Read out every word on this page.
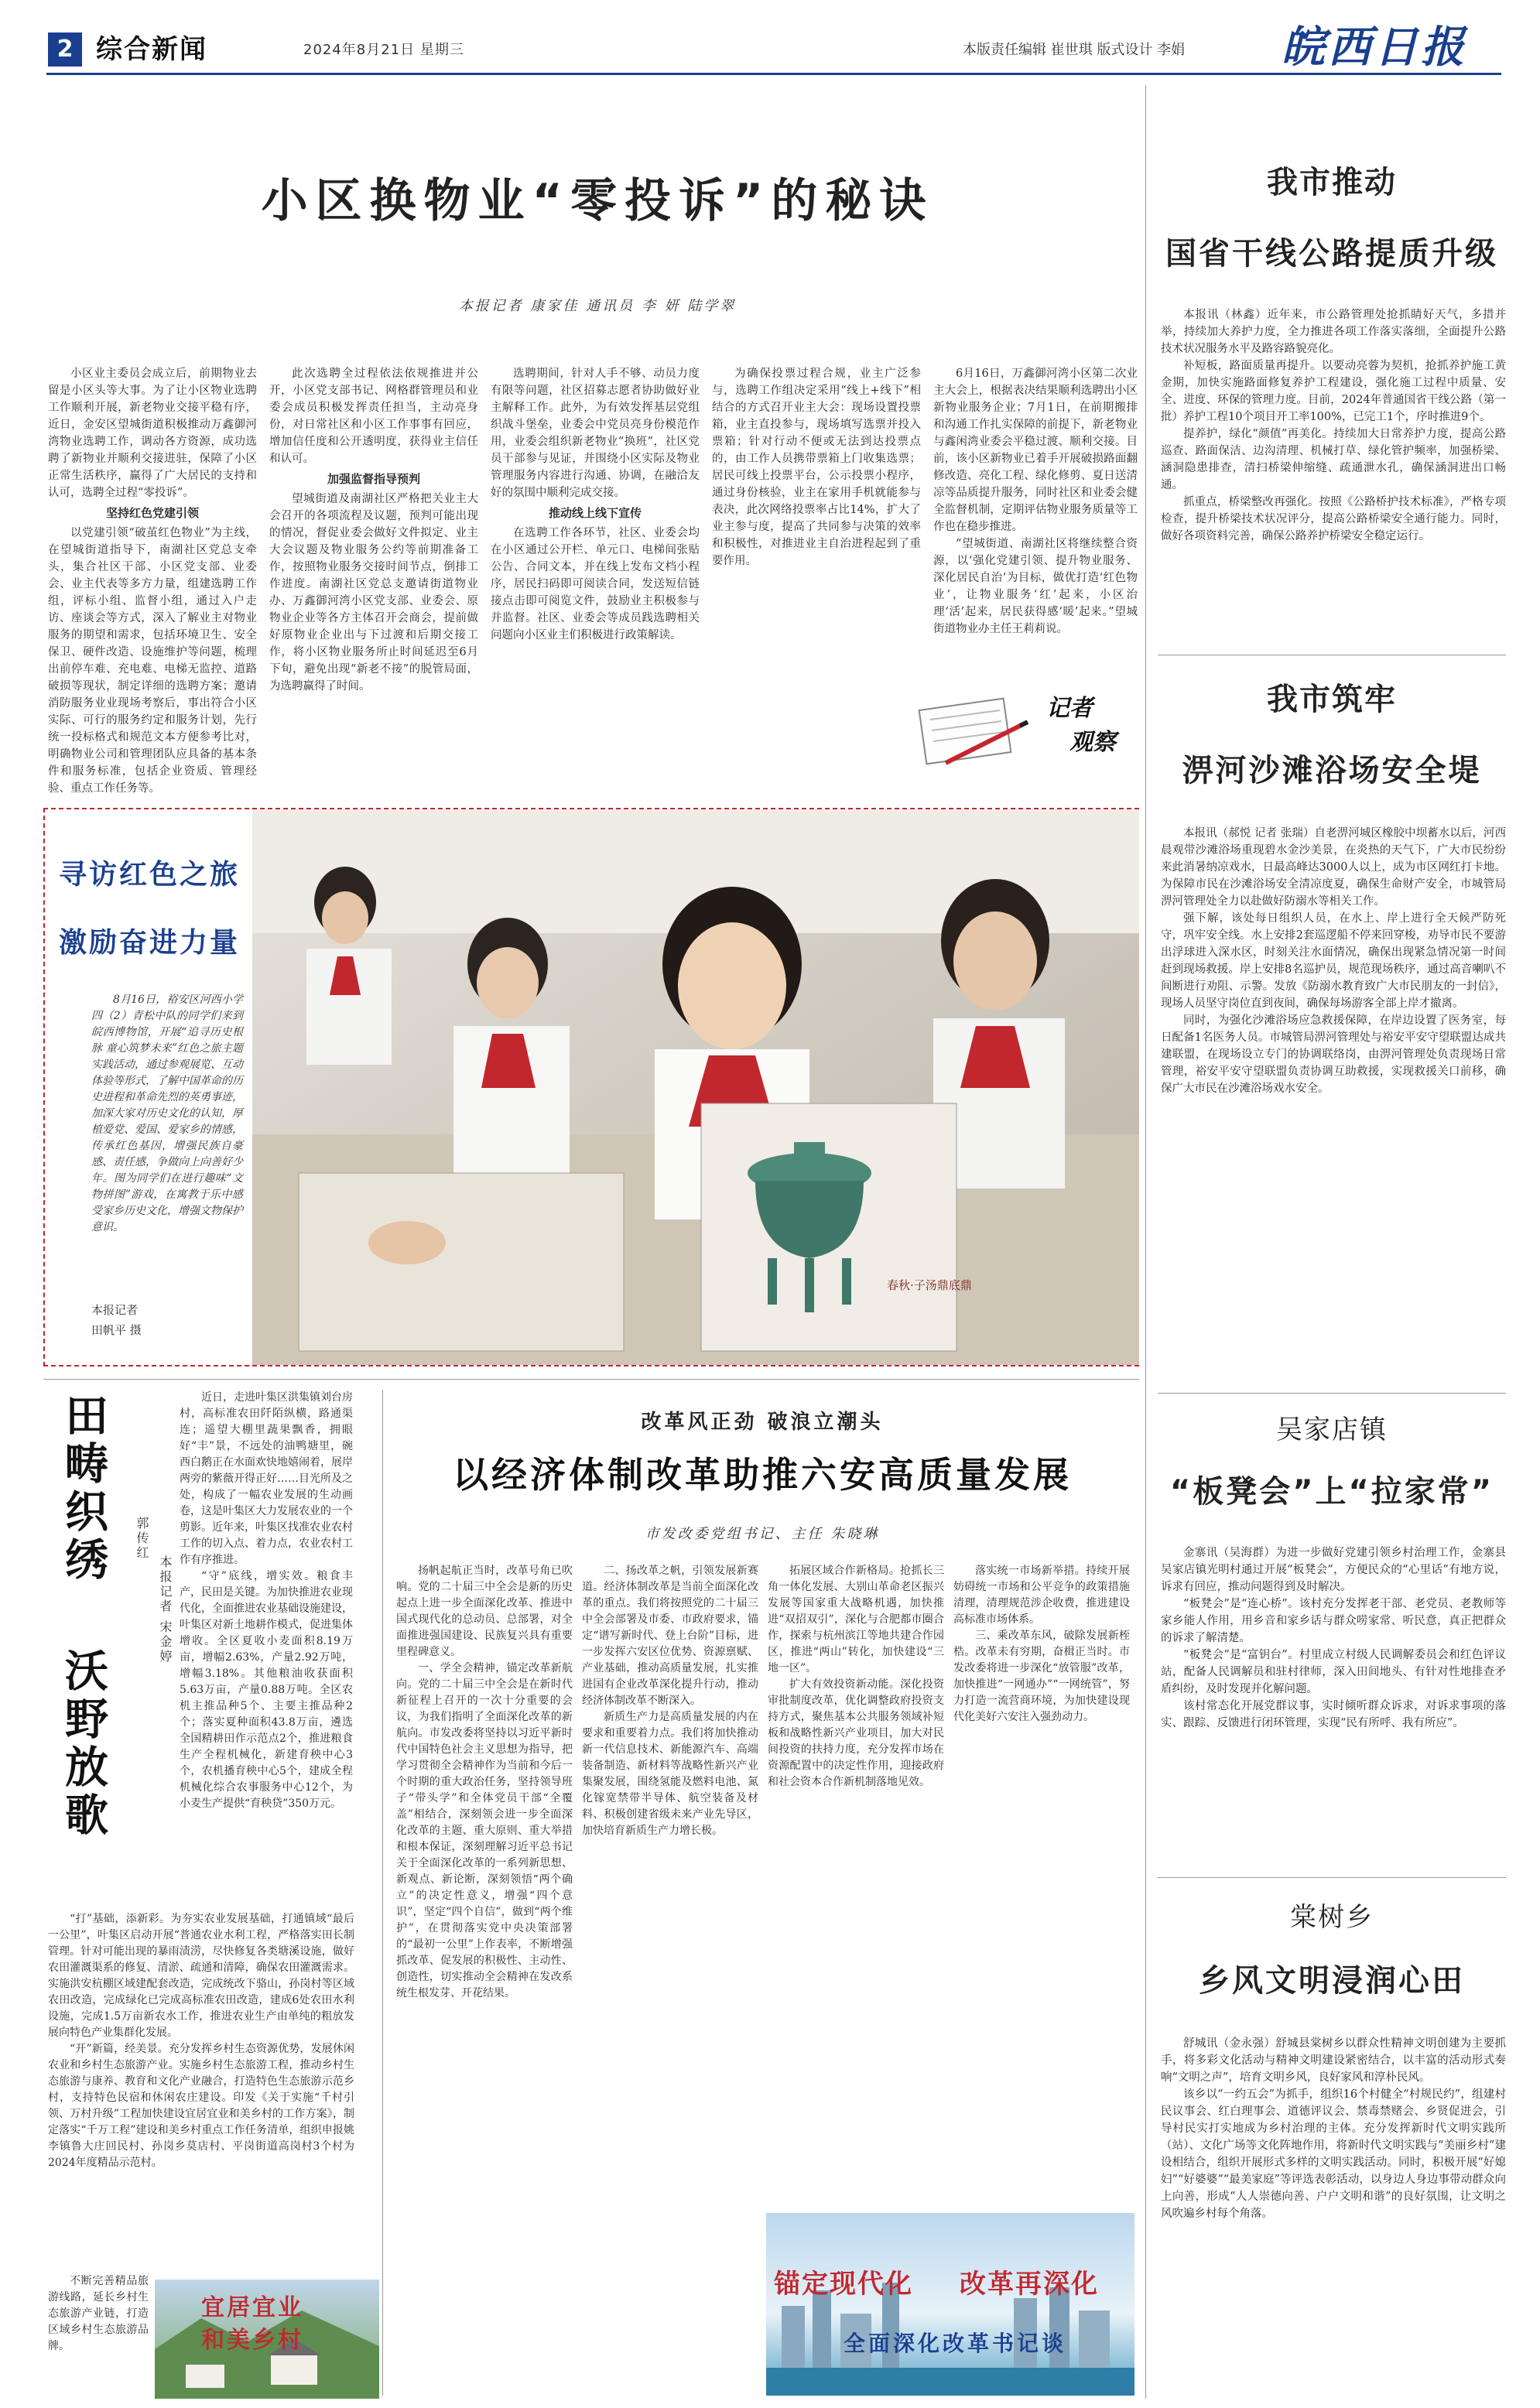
2 综合新闻	2024年8月21日 星期三	本版责任编辑 崔世琪 版式设计 李娟 皖西日报
小区换物业“零投诉”的秘诀
本报记者 康家佳 通讯员 李 妍 陆学翠

小区业主委员会成立后，前期物业去留是小区头等大事。为了让小区物业选聘工作顺利开展，新老物业交接平稳有序，近日，金安区望城街道积极推动万鑫御河湾物业选聘工作，调动各方资源，成功选聘了新物业并顺利交接进驻，保障了小区正常生活秩序，赢得了广大居民的支持和认可，选聘全过程“零投诉”。

坚持红色党建引领

以党建引领“破茧红色物业”为主线，在望城街道指导下，南湖社区党总支牵头，集合社区干部、小区党支部、业委会、业主代表等多方力量，组建选聘工作组，评标小组、监督小组，通过入户走访、座谈会等方式，深入了解业主对物业服务的期望和需求，包括环境卫生、安全保卫、硬件改造、设施维护等问题，梳理出前停车难、充电难、电梯无监控、道路破损等现状，制定详细的选聘方案；邀请消防服务业业现场考察后，事出符合小区实际、可行的服务约定和服务计划，先行统一投标格式和规范文本方便参考比对，明确物业公司和管理团队应具备的基本条件和服务标准，包括企业资质、管理经验、重点工作任务等。

此次选聘全过程依法依规推进并公开，小区党支部书记、网格群管理员和业委会成员积极发挥责任担当，主动亮身份，对日常社区和小区工作事事有回应，增加信任度和公开透明度，获得业主信任和认可。

加强监督指导预判

望城街道及南湖社区严格把关业主大会召开的各项流程及议题，预判可能出现的情况，督促业委会做好文件拟定、业主大会议题及物业服务公约等前期准备工作，按照物业服务交接时间节点，倒排工作进度。南湖社区党总支邀请街道物业办、万鑫御河湾小区党支部、业委会、原物业企业等各方主体召开会商会，提前做好原物业企业出与下过渡和后期交接工作，将小区物业服务所止时间延迟至6月下旬，避免出现“新老不接”的脱管局面，为选聘赢得了时间。

选聘期间，针对人手不够、动员力度有限等问题，社区招募志愿者协助做好业主解释工作。此外，为有效发挥基层党组织战斗堡垒，业委会中党员亮身份模范作用，业委会组织新老物业“换班”，社区党员干部参与见证，并围绕小区实际及物业管理服务内容进行沟通、协调，在融洽友好的氛围中顺利完成交接。

推动线上线下宣传

在选聘工作各环节，社区、业委会均在小区通过公开栏、单元口、电梯间张贴公告、合同文本，并在线上发布文档小程序，居民扫码即可阅读合同，发送短信链接点击即可阅览文件，鼓励业主积极参与并监督。社区、业委会等成员践选聘相关问题向小区业主们积极进行政策解读。

为确保投票过程合规，业主广泛参与，选聘工作组决定采用“线上+线下”相结合的方式召开业主大会：现场设置投票箱，业主直投参与，现场填写选票并投入票箱；针对行动不便或无法到达投票点的，由工作人员携带票箱上门收集选票；居民可线上投票平台，公示投票小程序，通过身份核验，业主在家用手机就能参与表决，此次网络投票率占比14%，扩大了业主参与度，提高了共同参与决策的效率和积极性，对推进业主自治进程起到了重要作用。

6月16日，万鑫御河湾小区第二次业主大会上，根据表决结果顺利选聘出小区新物业服务企业；7月1日，在前期搬排和沟通工作扎实保障的前提下，新老物业与鑫闲湾业委会平稳过渡、顺利交接。目前，该小区新物业已着手开展破损路面翻修改造、亮化工程、绿化修剪、夏日送清凉等品质提升服务，同时社区和业委会健全监督机制，定期评估物业服务质量等工作也在稳步推进。

“望城街道、南湖社区将继续整合资源，以‘强化党建引领、提升物业服务、深化居民自治’为目标，做优打造‘红色物业’，让物业服务‘红’起来，小区治理‘活’起来，居民获得感‘暖’起来。”望城街道物业办主任王莉莉说。

记者
观察
寻访红色之旅
激励奋进力量
8月16日，裕安区河西小学四（2）青松中队的同学们来到皖西博物馆，开展“追寻历史根脉 童心筑梦未来”红色之旅主题实践活动，通过参观展览、互动体验等形式，了解中国革命的历史进程和革命先烈的英勇事迹，加深大家对历史文化的认知，厚植爱党、爱国、爱家乡的情感，传承红色基因，增强民族自豪感、责任感，争做向上向善好少年。图为同学们在进行趣味“文物拼图”游戏，在寓教于乐中感受家乡历史文化，增强文物保护意识。
本报记者
田帆平 摄
春秋·子汤鼎底鼎
田畴织绣
沃野放歌
郭传红
本报记者 宋金婷

近日，走进叶集区洪集镇刘台房村，高标准农田阡陌纵横，路通渠连；遥望大棚里蔬果飘香，拥眼好“丰”景，不远处的油鸭塘里，碗西白鹅正在水面欢快地嬉闹着，展岸两旁的紫薇开得正好……目光所及之处，构成了一幅农业发展的生动画卷，这是叶集区大力发展农业的一个剪影。近年来，叶集区找准农业农村工作的切入点、着力点，农业农村工作有序推进。

“守”底线，增实效。粮食丰产，民田是关键。为加快推进农业现代化，全面推进农业基础设施建设，叶集区对新土地耕作模式，促进集体增收。全区夏收小麦面积8.19万亩，增幅2.63%，产量2.92万吨，增幅3.18%。其他粮油收获面积5.63万亩，产量0.88万吨。全区农机主推品种5个、主要主推品种2个；落实夏种面积43.8万亩，遴选全国精耕田作示范点2个，推进粮食生产全程机械化，新建育秧中心3个，农机播育秧中心5个，建成全程机械化综合农事服务中心12个，为小麦生产提供“育秧贷”350万元。

“打”基础，添新彩。为夯实农业发展基础，打通镇域“最后一公里”，叶集区启动开展“普通农业水利工程，严格落实田长制管理。针对可能出现的暴雨渍涝，尽快修复各类塘溪设施，做好农田灌溉渠系的修复、清淤、疏通和清障，确保农田灌溉需求。实施洪安杭棚区域建配套改造，完成统改下骆山，孙岗村等区域农田改造，完成绿化已完成高标准农田改造，建成6处农田水利设施，完成1.5万亩新农水工作，推进农业生产由单纯的粗放发展向特色产业集群化发展。

“开”新篇，经美景。充分发挥乡村生态资源优势，发展休闲农业和乡村生态旅游产业。实施乡村生态旅游工程，推动乡村生态旅游与康养、教育和文化产业融合，打造特色生态旅游示范乡村，支持特色民宿和休闲农庄建设。印发《关于实施“千村引领、万村升级”工程加快建设宜居宜业和美乡村的工作方案》，制定落实“千万工程”建设和美乡村重点工作任务清单，组织申报姚李镇鲁大庄回民村、孙岗乡莫店村、平岗街道高岗村3个村为2024年度精品示范村。

不断完善精品旅游线路，延长乡村生态旅游产业链，打造区域乡村生态旅游品牌。

宜居宜业
和美乡村
改革风正劲 破浪立潮头
以经济体制改革助推六安高质量发展
市发改委党组书记、主任 朱晓琳

扬帆起航正当时，改革号角已吹响。党的二十届三中全会是新的历史起点上进一步全面深化改革、推进中国式现代化的总动员、总部署，对全面推进强国建设、民族复兴具有重要里程碑意义。

一、学全会精神，锚定改革新航向。党的二十届三中全会是在新时代新征程上召开的一次十分重要的会议，为我们指明了全面深化改革的新航向。市发改委将坚持以习近平新时代中国特色社会主义思想为指导，把学习贯彻全会精神作为当前和今后一个时期的重大政治任务，坚持领导班子“带头学”和全体党员干部“全覆盖”相结合，深刻领会进一步全面深化改革的主题、重大原则、重大举措和根本保证，深刻理解习近平总书记关于全面深化改革的一系列新思想、新观点、新论断，深刻领悟“两个确立”的决定性意义，增强“四个意识”，坚定“四个自信”，做到“两个维护”，在贯彻落实党中央决策部署的“最初一公里”上作表率，不断增强抓改革、促发展的积极性、主动性、创造性，切实推动全会精神在发改系统生根发芽、开花结果。

二、扬改革之帆，引领发展新赛道。经济体制改革是当前全面深化改革的重点。我们将按照党的二十届三中全会部署及市委、市政府要求，锚定“谱写新时代、登上台阶”目标，进一步发挥六安区位优势、资源禀赋、产业基础，推动高质量发展，扎实推进国有企业改革深化提升行动，推动经济体制改革不断深入。

新质生产力是高质量发展的内在要求和重要着力点。我们将加快推动新一代信息技术、新能源汽车、高端装备制造、新材料等战略性新兴产业集聚发展，围绕氢能及燃料电池、氮化镓宽禁带半导体、航空装备及材料、积极创建省级未来产业先导区，加快培育新质生产力增长极。

拓展区域合作新格局。抢抓长三角一体化发展、大别山革命老区振兴发展等国家重大战略机遇，加快推进“双招双引”，深化与合肥都市圈合作，探索与杭州滨江等地共建合作园区，推进“两山”转化，加快建设“三地一区”。

扩大有效投资新动能。深化投资审批制度改革，优化调整政府投资支持方式，聚焦基本公共服务领域补短板和战略性新兴产业项目，加大对民间投资的扶持力度，充分发挥市场在资源配置中的决定性作用，迎接政府和社会资本合作新机制落地见效。

落实统一市场新举措。持续开展妨碍统一市场和公平竞争的政策措施清理，清理规范涉企收费，推进建设高标准市场体系。

三、乘改革东风，破除发展新桎梏。改革未有穷期，奋楫正当时。市发改委将进一步深化“放管服”改革，加快推进“一网通办”“一网统管”，努力打造一流营商环境，为加快建设现代化美好六安注入强劲动力。

锚定现代化 改革再深化
全面深化改革书记谈
我市推动
国省干线公路提质升级

本报讯（林鑫）近年来，市公路管理处抢抓睛好天气，多措并举，持续加大养护力度，全力推进各项工作落实落细，全面提升公路技术状况服务水平及路容路貌亮化。

补短板，路面质量再提升。以要动亮蓉为契机，抢抓养护施工黄金期，加快实施路面修复养护工程建设，强化施工过程中质量、安全、进度、环保的管理力度。目前，2024年普通国省干线公路（第一批）养护工程10个项目开工率100%，已完工1个，序时推进9个。

提养护，绿化“颜值”再美化。持续加大日常养护力度，提高公路巡查、路面保洁、边沟清理、机械打草、绿化管护频率，加强桥梁、涵洞隐患排查，清扫桥梁伸缩缝、疏通泄水孔，确保涵洞进出口畅通。

抓重点，桥梁整改再强化。按照《公路桥护技术标准》，严格专项检查，提升桥梁技术状况评分，提高公路桥梁安全通行能力。同时，做好各项资料完善，确保公路养护桥梁安全稳定运行。

我市筑牢
淠河沙滩浴场安全堤

本报讯（郝悦 记者 张瑞）自老淠河城区橡胶中坝蓄水以后，河西晨观带沙滩浴场重现碧水金沙美景，在炎热的天气下，广大市民纷纷来此消暑纳凉戏水，日最高峰达3000人以上，成为市区网红打卡地。为保障市民在沙滩浴场安全清凉度夏，确保生命财产安全，市城管局淠河管理处全力以赴做好防溺水等相关工作。

强下解，该处每日组织人员，在水上、岸上进行全天候严防死守，巩牢安全线。水上安排2套巡逻船不停来回穿梭，劝导市民不要游出浮球进入深水区，时刻关注水面情况，确保出现紧急情况第一时间赶到现场救援。岸上安排8名巡护员，规范现场秩序，通过高音喇叭不间断进行劝阻、示警。发放《防溺水教育致广大市民朋友的一封信》，现场人员坚守岗位直到夜间，确保每场游客全部上岸才撤离。

同时，为强化沙滩浴场应急救援保障，在岸边设置了医务室，每日配备1名医务人员。市城管局淠河管理处与裕安平安守望联盟达成共建联盟，在现场设立专门的协调联络岗，由淠河管理处负责现场日常管理，裕安平安守望联盟负责协调互助救援，实现救援关口前移，确保广大市民在沙滩浴场戏水安全。

吴家店镇
“板凳会”上“拉家常”

金寨讯（吴海群）为进一步做好党建引领乡村治理工作，金寨县吴家店镇光明村通过开展“板凳会”，方便民众的“心里话”有地方说，诉求有回应，推动问题得到及时解决。

“板凳会”是“连心桥”。该村充分发挥老干部、老党员、老教师等家乡能人作用，用乡音和家乡话与群众唠家常、听民意，真正把群众的诉求了解清楚。

“板凳会”是“富钥台”。村里成立村级人民调解委员会和红色评议站，配备人民调解员和驻村律师，深入田间地头、有针对性地排查矛盾纠纷，及时发现并化解问题。

该村常态化开展党群议事，实时倾听群众诉求，对诉求事项的落实、跟踪、反馈进行闭环管理，实现“民有所呼、我有所应”。

棠树乡
乡风文明浸润心田

舒城讯（金永强）舒城县棠树乡以群众性精神文明创建为主要抓手，将多彩文化活动与精神文明建设紧密结合，以丰富的活动形式奏响“文明之声”，培育文明乡风，良好家风和淳朴民风。

该乡以“一约五会”为抓手，组织16个村健全“村规民约”，组建村民议事会、红白理事会、道德评议会、禁毒禁赌会、乡贤促进会，引导村民实打实地成为乡村治理的主体。充分发挥新时代文明实践所（站）、文化广场等文化阵地作用，将新时代文明实践与“美丽乡村”建设相结合，组织开展形式多样的文明实践活动。同时，积极开展“好媳妇”“好婆婆”“最美家庭”等评选表彰活动，以身边人身边事带动群众向上向善，形成“人人崇德向善、户户文明和谐”的良好氛围，让文明之风吹遍乡村每个角落。
